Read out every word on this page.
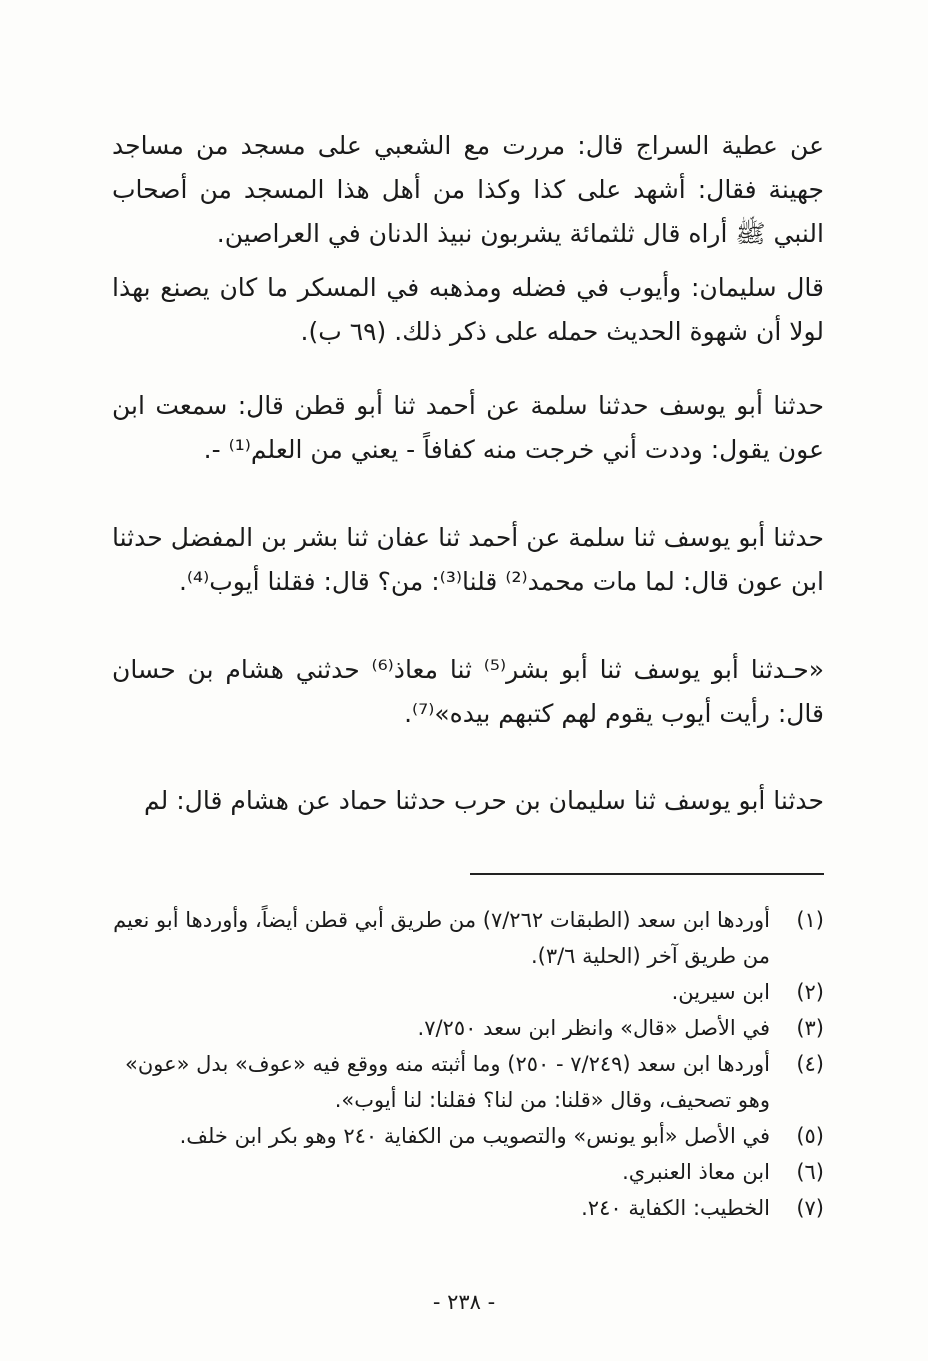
عن عطية السراج قال: مررت مع الشعبي على مسجد من مساجد جهينة فقال: أشهد على كذا وكذا من أهل هذا المسجد من أصحاب النبي ﷺ أراه قال ثلثمائة يشربون نبيذ الدنان في العراصين.

قال سليمان: وأيوب في فضله ومذهبه في المسكر ما كان يصنع بهذا لولا أن شهوة الحديث حمله على ذكر ذلك. (٦٩ ب).

حدثنا أبو يوسف حدثنا سلمة عن أحمد ثنا أبو قطن قال: سمعت ابن عون يقول: وددت أني خرجت منه كفافاً - يعني من العلم⁽¹⁾ -.

حدثنا أبو يوسف ثنا سلمة عن أحمد ثنا عفان ثنا بشر بن المفضل حدثنا ابن عون قال: لما مات محمد⁽²⁾ قلنا⁽³⁾: من؟ قال: فقلنا أيوب⁽⁴⁾.

«حـدثنا أبو يوسف ثنا أبو بشر⁽⁵⁾ ثنا معاذ⁽⁶⁾ حدثني هشام بن حسان قال: رأيت أيوب يقوم لهم كتبهم بيده»⁽⁷⁾.

حدثنا أبو يوسف ثنا سليمان بن حرب حدثنا حماد عن هشام قال: لم

(١)
أوردها ابن سعد (الطبقات ٧/٢٦٢) من طريق أبي قطن أيضاً، وأوردها أبو نعيم من طريق آخر (الحلية ٣/٦).
(٢)
ابن سيرين.
(٣)
في الأصل «قال» وانظر ابن سعد ٧/٢٥٠.
(٤)
أوردها ابن سعد (٧/٢٤٩ - ٢٥٠) وما أثبته منه ووقع فيه «عوف» بدل «عون» وهو تصحيف، وقال «قلنا: من لنا؟ فقلنا: لنا أيوب».
(٥)
في الأصل «أبو يونس» والتصويب من الكفاية ٢٤٠ وهو بكر ابن خلف.
(٦)
ابن معاذ العنبري.
(٧)
الخطيب: الكفاية ٢٤٠.
- ٢٣٨ -
